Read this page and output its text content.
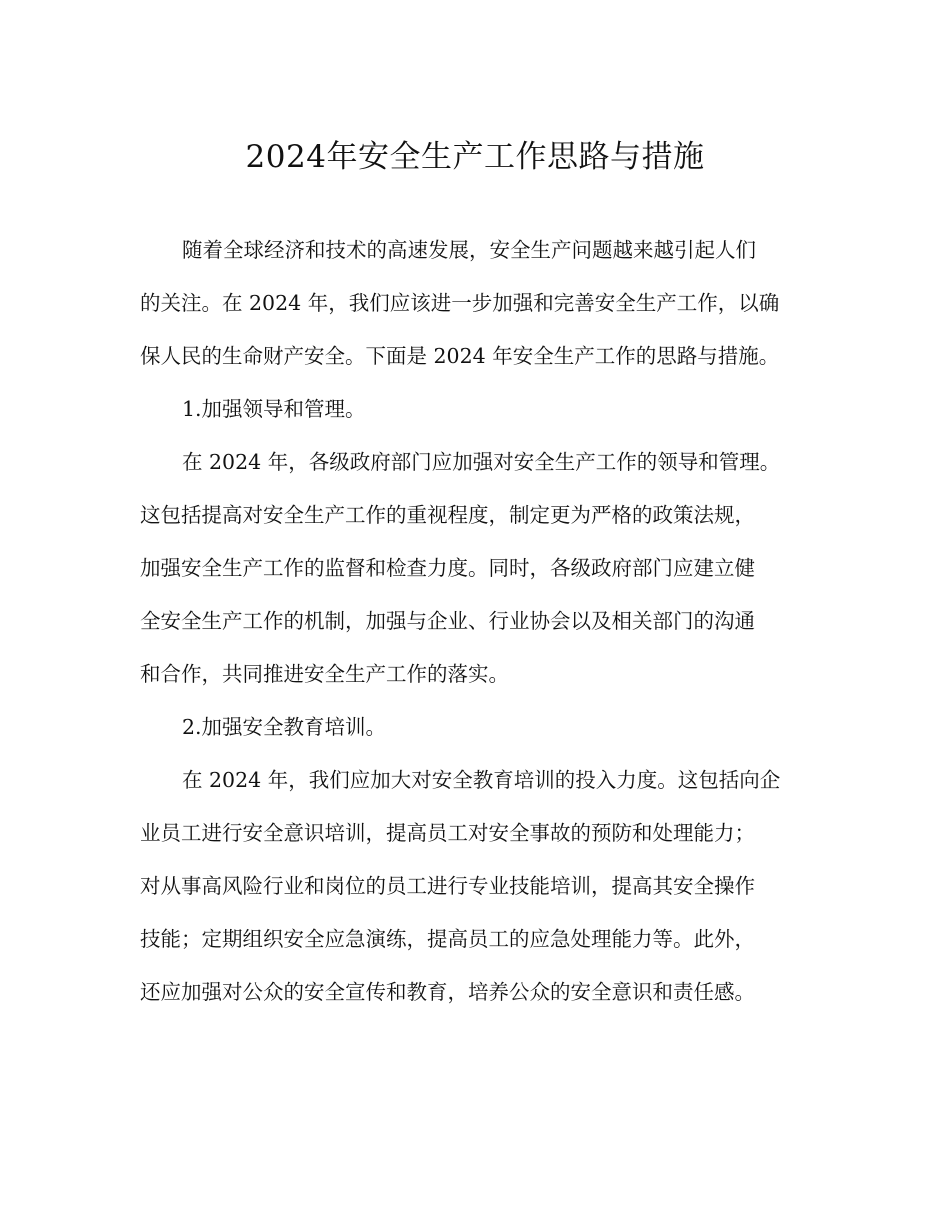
2024年安全生产工作思路与措施

随着全球经济和技术的高速发展，安全生产问题越来越引起人们
的关注。在 2024 年，我们应该进一步加强和完善安全生产工作，以确
保人民的生命财产安全。下面是 2024 年安全生产工作的思路与措施。

1.加强领导和管理。

在 2024 年，各级政府部门应加强对安全生产工作的领导和管理。
这包括提高对安全生产工作的重视程度，制定更为严格的政策法规，
加强安全生产工作的监督和检查力度。同时，各级政府部门应建立健
全安全生产工作的机制，加强与企业、行业协会以及相关部门的沟通
和合作，共同推进安全生产工作的落实。

2.加强安全教育培训。

在 2024 年，我们应加大对安全教育培训的投入力度。这包括向企
业员工进行安全意识培训，提高员工对安全事故的预防和处理能力；
对从事高风险行业和岗位的员工进行专业技能培训，提高其安全操作
技能；定期组织安全应急演练，提高员工的应急处理能力等。此外，
还应加强对公众的安全宣传和教育，培养公众的安全意识和责任感。
